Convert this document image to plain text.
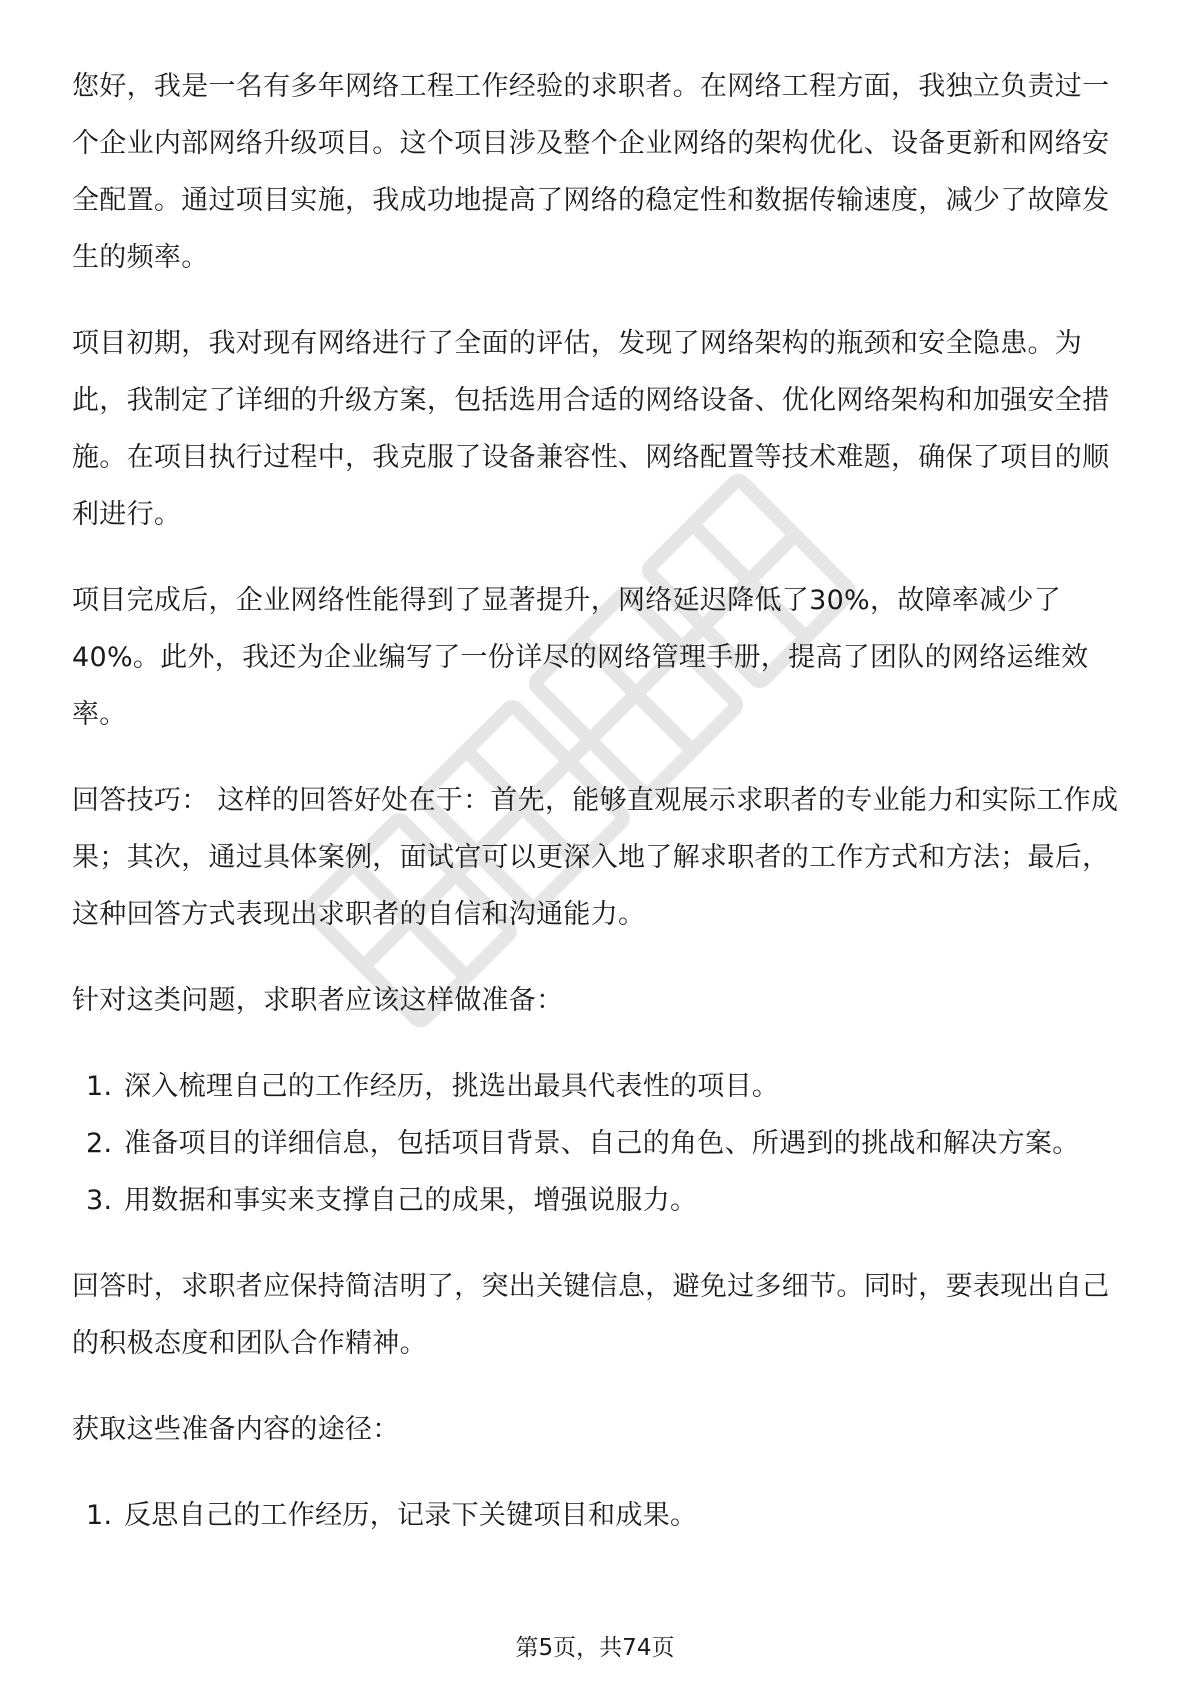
您好，我是一名有多年网络工程工作经验的求职者。在网络工程方面，我独立负责过一个企业内部网络升级项目。这个项目涉及整个企业网络的架构优化、设备更新和网络安全配置。通过项目实施，我成功地提高了网络的稳定性和数据传输速度，减少了故障发生的频率。

项目初期，我对现有网络进行了全面的评估，发现了网络架构的瓶颈和安全隐患。为此，我制定了详细的升级方案，包括选用合适的网络设备、优化网络架构和加强安全措施。在项目执行过程中，我克服了设备兼容性、网络配置等技术难题，确保了项目的顺利进行。

项目完成后，企业网络性能得到了显著提升，网络延迟降低了30%，故障率减少了40%。此外，我还为企业编写了一份详尽的网络管理手册，提高了团队的网络运维效率。

回答技巧： 这样的回答好处在于：首先，能够直观展示求职者的专业能力和实际工作成果；其次，通过具体案例，面试官可以更深入地了解求职者的工作方式和方法；最后，这种回答方式表现出求职者的自信和沟通能力。

针对这类问题，求职者应该这样做准备：

1. 深入梳理自己的工作经历，挑选出最具代表性的项目。
2. 准备项目的详细信息，包括项目背景、自己的角色、所遇到的挑战和解决方案。
3. 用数据和事实来支撑自己的成果，增强说服力。

回答时，求职者应保持简洁明了，突出关键信息，避免过多细节。同时，要表现出自己的积极态度和团队合作精神。

获取这些准备内容的途径：

1. 反思自己的工作经历，记录下关键项目和成果。
第5页，共74页
